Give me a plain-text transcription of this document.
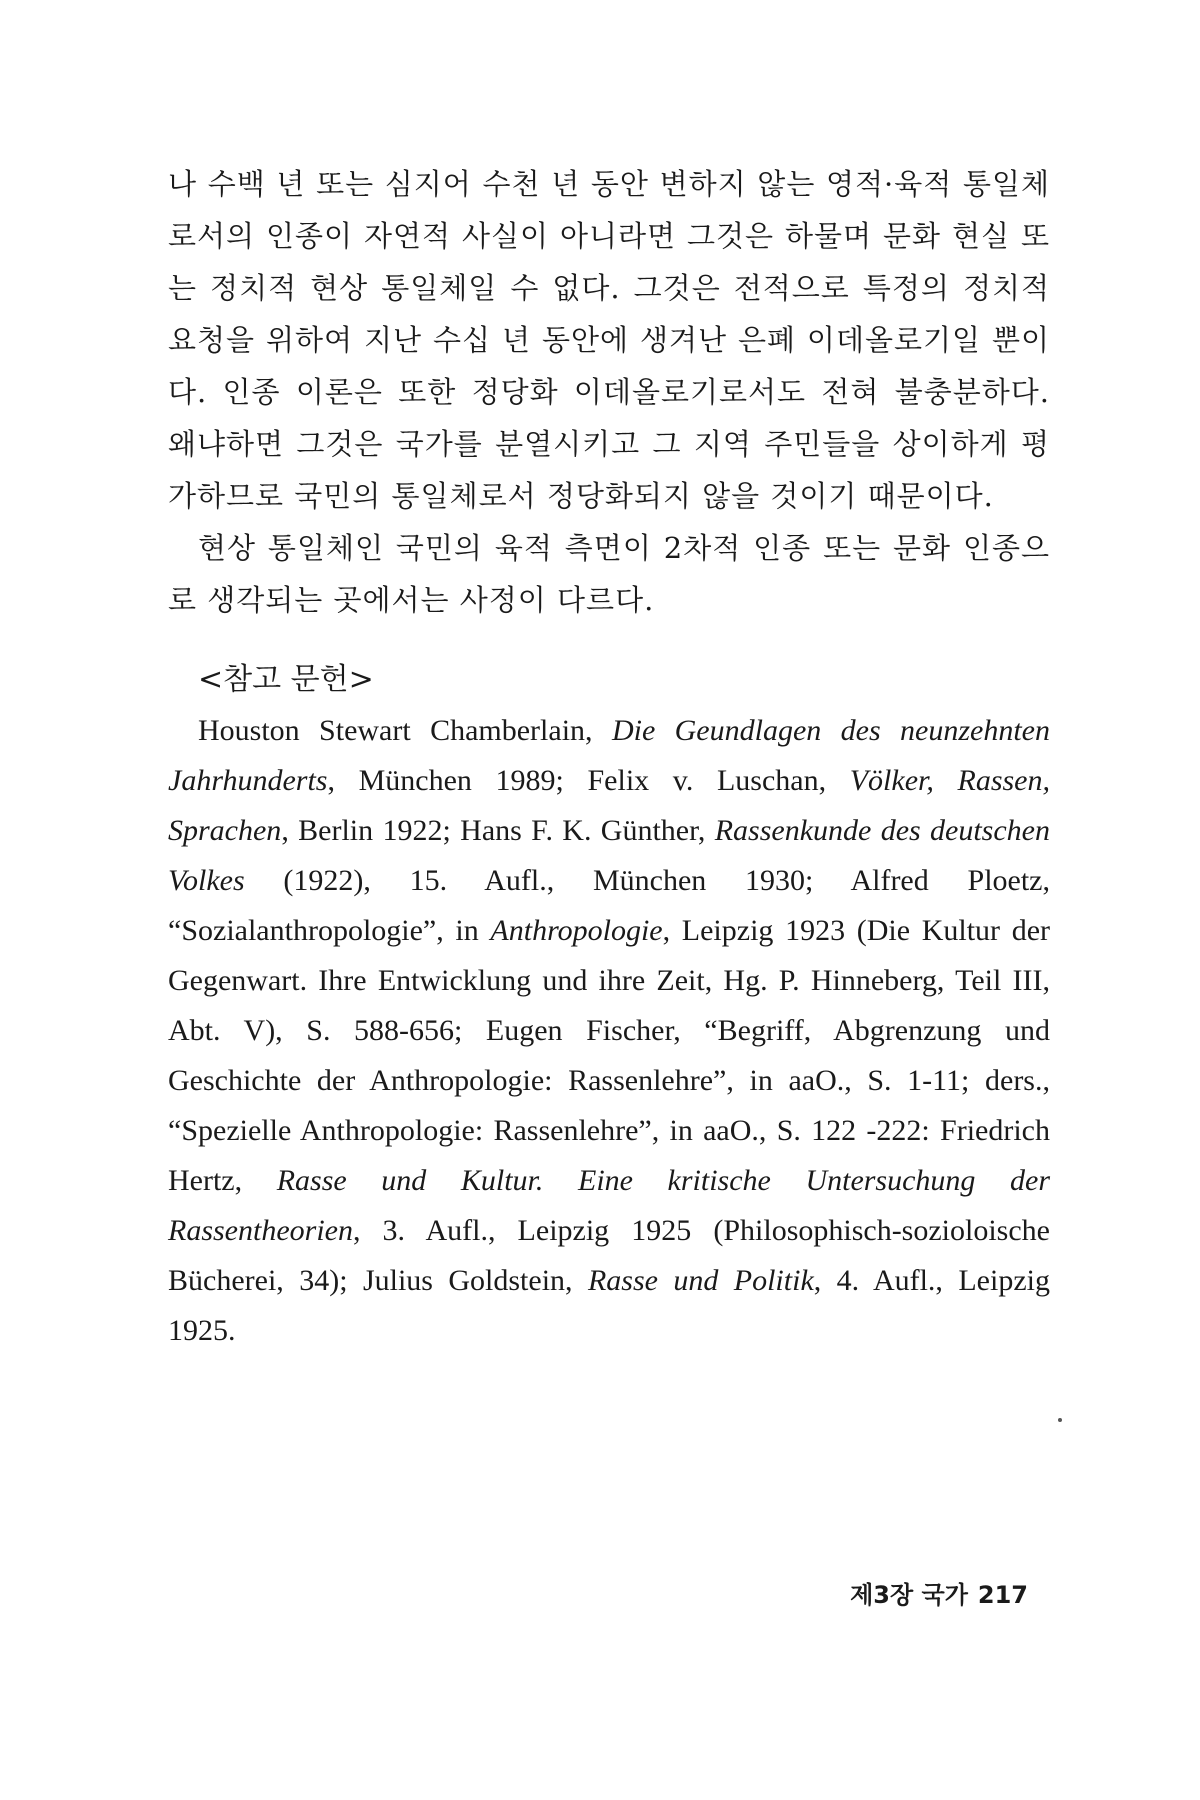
나 수백 년 또는 심지어 수천 년 동안 변하지 않는 영적·육적 통일체로서의 인종이 자연적 사실이 아니라면 그것은 하물며 문화 현실 또는 정치적 현상 통일체일 수 없다. 그것은 전적으로 특정의 정치적 요청을 위하여 지난 수십 년 동안에 생겨난 은폐 이데올로기일 뿐이다. 인종 이론은 또한 정당화 이데올로기로서도 전혀 불충분하다. 왜냐하면 그것은 국가를 분열시키고 그 지역 주민들을 상이하게 평가하므로 국민의 통일체로서 정당화되지 않을 것이기 때문이다.

현상 통일체인 국민의 육적 측면이 2차적 인종 또는 문화 인종으로 생각되는 곳에서는 사정이 다르다.

<참고 문헌>

Houston Stewart Chamberlain, Die Geundlagen des neunzehnten Jahrhunderts, München 1989; Felix v. Luschan, Völker, Rassen, Sprachen, Berlin 1922; Hans F. K. Günther, Rassenkunde des deutschen Volkes (1922), 15. Aufl., München 1930; Alfred Ploetz, “Sozialanthropologie”, in Anthropologie, Leipzig 1923 (Die Kultur der Gegenwart. Ihre Entwicklung und ihre Zeit, Hg. P. Hinneberg, Teil III, Abt. V), S. 588-656; Eugen Fischer, “Begriff, Abgrenzung und Geschichte der Anthropologie: Rassenlehre”, in aaO., S. 1-11; ders., “Spezielle Anthropologie: Rassenlehre”, in aaO., S. 122 -222: Friedrich Hertz, Rasse und Kultur. Eine kritische Untersuchung der Rassentheorien, 3. Aufl., Leipzig 1925 (Philosophisch-sozioloische Bücherei, 34); Julius Goldstein, Rasse und Politik, 4. Aufl., Leipzig 1925.

제3장 국가 217
